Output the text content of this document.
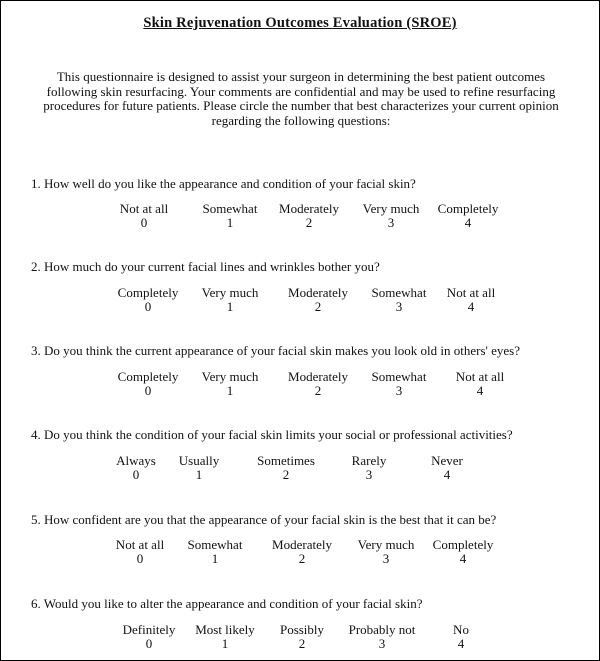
Skin Rejuvenation Outcomes Evaluation (SROE)
This questionnaire is designed to assist your surgeon in determining the best patient outcomes
following skin resurfacing. Your comments are confidential and may be used to refine resurfacing
procedures for future patients. Please circle the number that best characterizes your current opinion
regarding the following questions:
1. How well do you like the appearance and condition of your facial skin?
Not at all
0
Somewhat
1
Moderately
2
Very much
3
Completely
4
2. How much do your current facial lines and wrinkles bother you?
Completely
0
Very much
1
Moderately
2
Somewhat
3
Not at all
4
3. Do you think the current appearance of your facial skin makes you look old in others' eyes?
Completely
0
Very much
1
Moderately
2
Somewhat
3
Not at all
4
4. Do you think the condition of your facial skin limits your social or professional activities?
Always
0
Usually
1
Sometimes
2
Rarely
3
Never
4
5. How confident are you that the appearance of your facial skin is the best that it can be?
Not at all
0
Somewhat
1
Moderately
2
Very much
3
Completely
4
6. Would you like to alter the appearance and condition of your facial skin?
Definitely
0
Most likely
1
Possibly
2
Probably not
3
No
4
